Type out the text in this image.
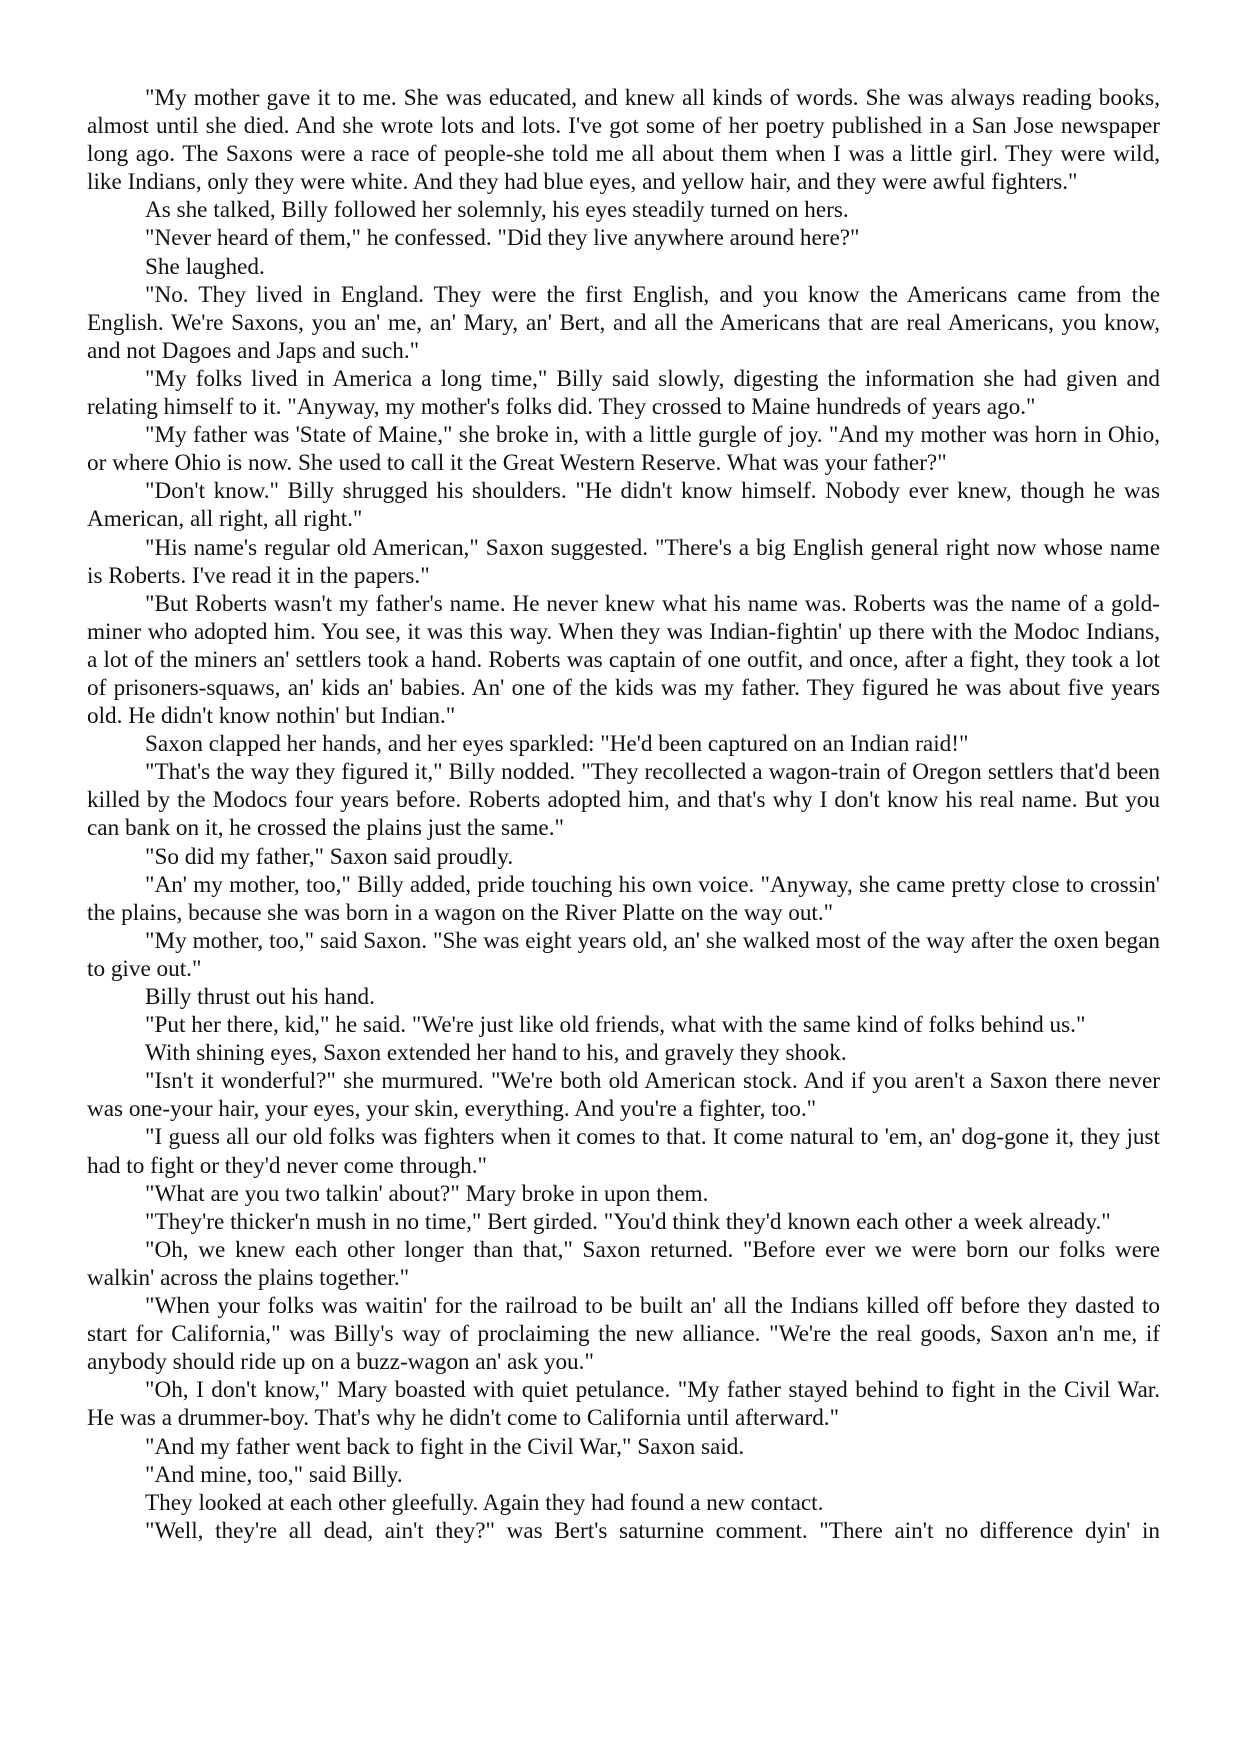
"My mother gave it to me. She was educated, and knew all kinds of words. She was always reading books, almost until she died. And she wrote lots and lots. I've got some of her poetry published in a San Jose newspaper long ago. The Saxons were a race of people-she told me all about them when I was a little girl. They were wild, like Indians, only they were white. And they had blue eyes, and yellow hair, and they were awful fighters."

As she talked, Billy followed her solemnly, his eyes steadily turned on hers.

"Never heard of them," he confessed. "Did they live anywhere around here?"

She laughed.

"No. They lived in England. They were the first English, and you know the Americans came from the English. We're Saxons, you an' me, an' Mary, an' Bert, and all the Americans that are real Americans, you know, and not Dagoes and Japs and such."

"My folks lived in America a long time," Billy said slowly, digesting the information she had given and relating himself to it. "Anyway, my mother's folks did. They crossed to Maine hundreds of years ago."

"My father was 'State of Maine," she broke in, with a little gurgle of joy. "And my mother was horn in Ohio, or where Ohio is now. She used to call it the Great Western Reserve. What was your father?"

"Don't know." Billy shrugged his shoulders. "He didn't know himself. Nobody ever knew, though he was American, all right, all right."

"His name's regular old American," Saxon suggested. "There's a big English general right now whose name is Roberts. I've read it in the papers."

"But Roberts wasn't my father's name. He never knew what his name was. Roberts was the name of a gold-miner who adopted him. You see, it was this way. When they was Indian-fightin' up there with the Modoc Indians, a lot of the miners an' settlers took a hand. Roberts was captain of one outfit, and once, after a fight, they took a lot of prisoners-squaws, an' kids an' babies. An' one of the kids was my father. They figured he was about five years old. He didn't know nothin' but Indian."

Saxon clapped her hands, and her eyes sparkled: "He'd been captured on an Indian raid!"

"That's the way they figured it," Billy nodded. "They recollected a wagon-train of Oregon settlers that'd been killed by the Modocs four years before. Roberts adopted him, and that's why I don't know his real name. But you can bank on it, he crossed the plains just the same."

"So did my father," Saxon said proudly.

"An' my mother, too," Billy added, pride touching his own voice. "Anyway, she came pretty close to crossin' the plains, because she was born in a wagon on the River Platte on the way out."

"My mother, too," said Saxon. "She was eight years old, an' she walked most of the way after the oxen began to give out."

Billy thrust out his hand.

"Put her there, kid," he said. "We're just like old friends, what with the same kind of folks behind us."

With shining eyes, Saxon extended her hand to his, and gravely they shook.

"Isn't it wonderful?" she murmured. "We're both old American stock. And if you aren't a Saxon there never was one-your hair, your eyes, your skin, everything. And you're a fighter, too."

"I guess all our old folks was fighters when it comes to that. It come natural to 'em, an' dog-gone it, they just had to fight or they'd never come through."

"What are you two talkin' about?" Mary broke in upon them.

"They're thicker'n mush in no time," Bert girded. "You'd think they'd known each other a week already."

"Oh, we knew each other longer than that," Saxon returned. "Before ever we were born our folks were walkin' across the plains together."

"When your folks was waitin' for the railroad to be built an' all the Indians killed off before they dasted to start for California," was Billy's way of proclaiming the new alliance. "We're the real goods, Saxon an'n me, if anybody should ride up on a buzz-wagon an' ask you."

"Oh, I don't know," Mary boasted with quiet petulance. "My father stayed behind to fight in the Civil War. He was a drummer-boy. That's why he didn't come to California until afterward."

"And my father went back to fight in the Civil War," Saxon said.

"And mine, too," said Billy.

They looked at each other gleefully. Again they had found a new contact.

"Well, they're all dead, ain't they?" was Bert's saturnine comment. "There ain't no difference dyin' in
